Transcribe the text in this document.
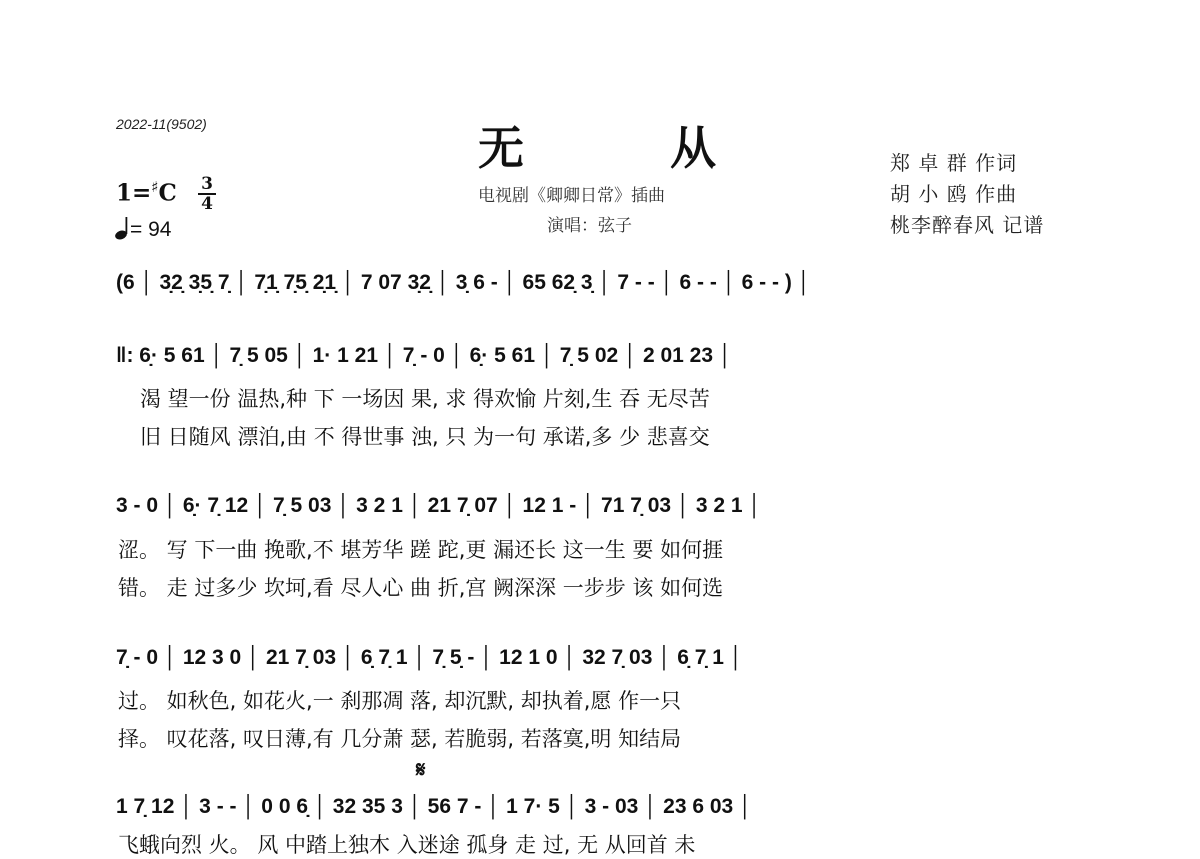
2022-11(9502)	无	从
电视剧《卿卿日常》插曲
演唱：弦子
郑 卓 群 作词
胡 小 鸥 作曲
桃李醉春风 记谱
1=♯C 3
4
= 94
(6 │ 3̣2̣ 3̣5̣ 7̣ │ 7̣1̣ 7̣5̣ 2̣1̣ │ 7 07 3̣2̣ │ 3̣ 6 - │ 65 62̣ 3̣ │ 7 - - │ 6 - - │ 6 - - ) │
‖: 6̣· 5 61 │ 7̣ 5 05 │ 1· 1 21 │ 7̣ - 0 │ 6̣· 5 61 │ 7̣ 5 02 │ 2 01 23 │
3 - 0 │ 6̣· 7̣ 12 │ 7̣ 5 03 │ 3 2 1 │ 21 7̣ 07 │ 12 1 - │ 71 7̣ 03 │ 3 2 1 │
7̣ - 0 │ 12 3 0 │ 21 7̣ 03 │ 6̣ 7̣ 1 │ 7̣ 5̣ - │ 12 1 0 │ 32 7̣ 03 │ 6̣ 7̣ 1 │
1 7̣ 12 │ 3 - - │ 0 0 6̣ │ 32 35 3 │ 56 7 - │ 1 7· 5 │ 3 - 03 │ 23 6 03 │
𝄋
渴 望一份 温热,种 下 一场因 果, 求 得欢愉 片刻,生 吞 无尽苦
旧 日随风 漂泊,由 不 得世事 浊, 只 为一句 承诺,多 少 悲喜交
涩。 写 下一曲 挽歌,不 堪芳华 蹉 跎,更 漏还长 这一生 要 如何捱
错。 走 过多少 坎坷,看 尽人心 曲 折,宫 阙深深 一步步 该 如何选
过。 如秋色, 如花火,一 刹那凋 落, 却沉默, 却执着,愿 作一只
择。 叹花落, 叹日薄,有 几分萧 瑟, 若脆弱, 若落寞,明 知结局
飞蛾向烈 火。 风 中踏上独木 入迷途 孤身 走 过, 无 从回首 未
